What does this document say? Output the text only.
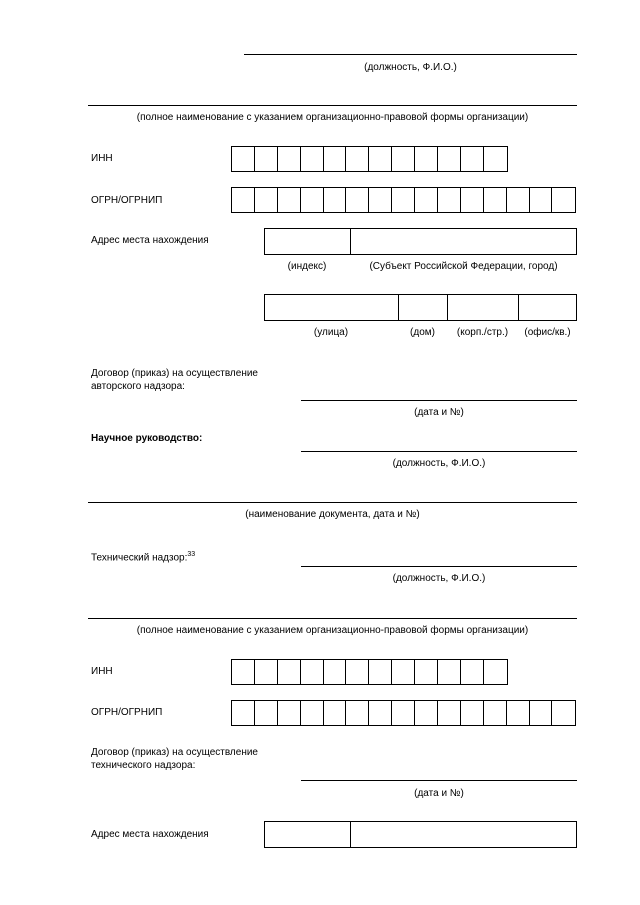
(должность, Ф.И.О.)
(полное наименование с указанием организационно-правовой формы организации)
ИНН
ОГРН/ОГРНИП
Адрес места нахождения
(индекс)	(Субъект Российской Федерации, город)
(улица)	(дом)	(корп./стр.)	(офис/кв.)
Договор (приказ) на осуществление
авторского надзора:
(дата и №)
Научное руководство:
(должность, Ф.И.О.)
(наименование документа, дата и №)
Технический надзор:$^{33}$
(должность, Ф.И.О.)
(полное наименование с указанием организационно-правовой формы организации)
ИНН
ОГРН/ОГРНИП
Договор (приказ) на осуществление
технического надзора:
(дата и №)
Адрес места нахождения
